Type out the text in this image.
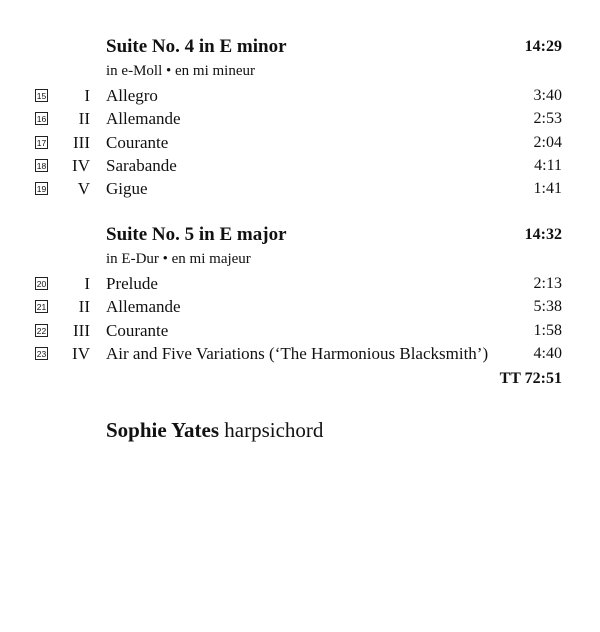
Suite No. 4 in E minor	14:29
in e-Moll • en mi mineur
15 I Allegro	3:40
16 II Allemande	2:53
17 III Courante	2:04
18 IV Sarabande	4:11
19 V Gigue	1:41
Suite No. 5 in E major	14:32
in E-Dur • en mi majeur
20 I Prelude	2:13
21 II Allemande	5:38
22 III Courante	1:58
23 IV Air and Five Variations (‘The Harmonious Blacksmith’)	4:40
TT 72:51
Sophie Yates harpsichord
